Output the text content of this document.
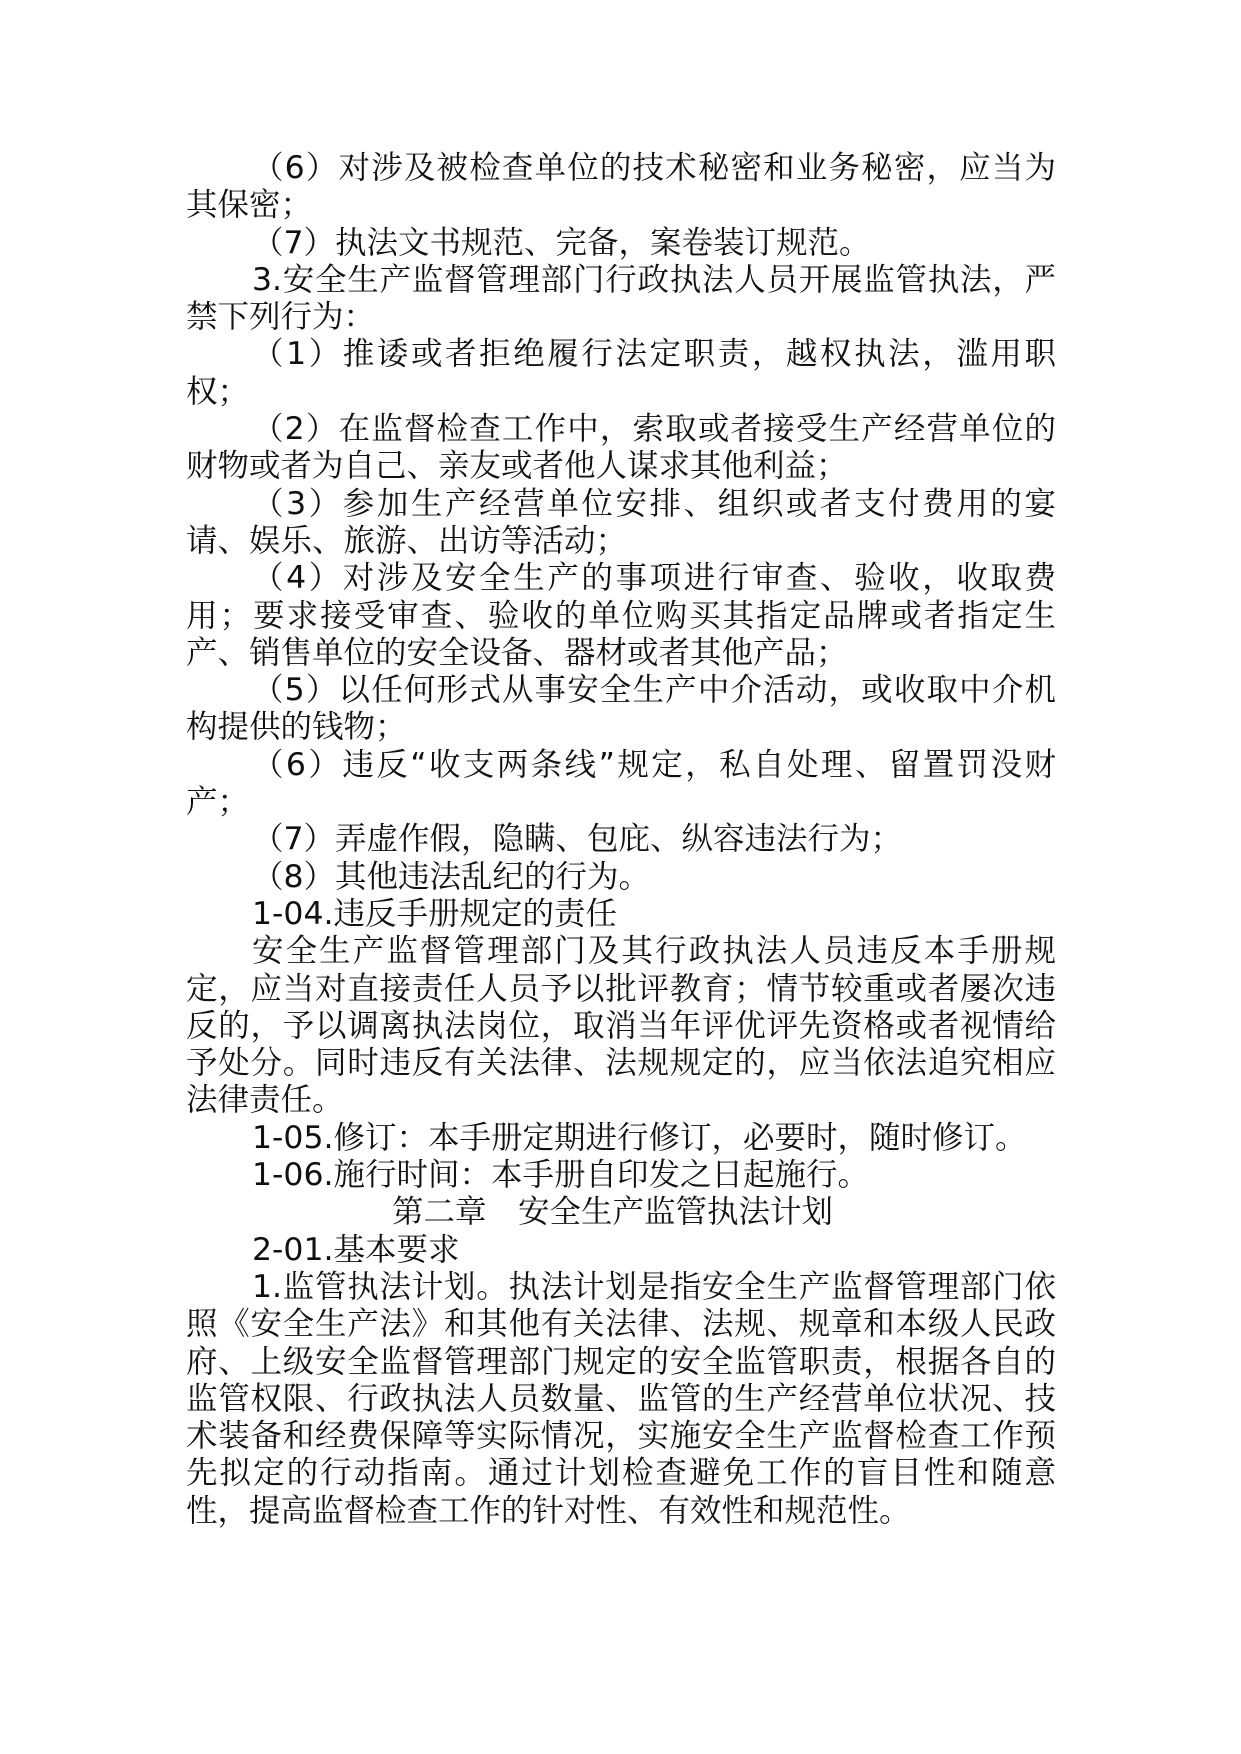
（6）对涉及被检查单位的技术秘密和业务秘密，应当为其保密；

（7）执法文书规范、完备，案卷装订规范。

3.安全生产监督管理部门行政执法人员开展监管执法，严禁下列行为：

（1）推诿或者拒绝履行法定职责，越权执法，滥用职权；

（2）在监督检查工作中，索取或者接受生产经营单位的财物或者为自己、亲友或者他人谋求其他利益；

（3）参加生产经营单位安排、组织或者支付费用的宴请、娱乐、旅游、出访等活动；

（4）对涉及安全生产的事项进行审查、验收，收取费用；要求接受审查、验收的单位购买其指定品牌或者指定生产、销售单位的安全设备、器材或者其他产品；

（5）以任何形式从事安全生产中介活动，或收取中介机构提供的钱物；

（6）违反“收支两条线”规定，私自处理、留置罚没财产；

（7）弄虚作假，隐瞒、包庇、纵容违法行为；

（8）其他违法乱纪的行为。

1-04.违反手册规定的责任

安全生产监督管理部门及其行政执法人员违反本手册规定，应当对直接责任人员予以批评教育；情节较重或者屡次违反的，予以调离执法岗位，取消当年评优评先资格或者视情给予处分。同时违反有关法律、法规规定的，应当依法追究相应法律责任。

1-05.修订：本手册定期进行修订，必要时，随时修订。

1-06.施行时间：本手册自印发之日起施行。

第二章　安全生产监管执法计划

2-01.基本要求

1.监管执法计划。执法计划是指安全生产监督管理部门依照《安全生产法》和其他有关法律、法规、规章和本级人民政府、上级安全监督管理部门规定的安全监管职责，根据各自的监管权限、行政执法人员数量、监管的生产经营单位状况、技术装备和经费保障等实际情况，实施安全生产监督检查工作预先拟定的行动指南。通过计划检查避免工作的盲目性和随意性，提高监督检查工作的针对性、有效性和规范性。
